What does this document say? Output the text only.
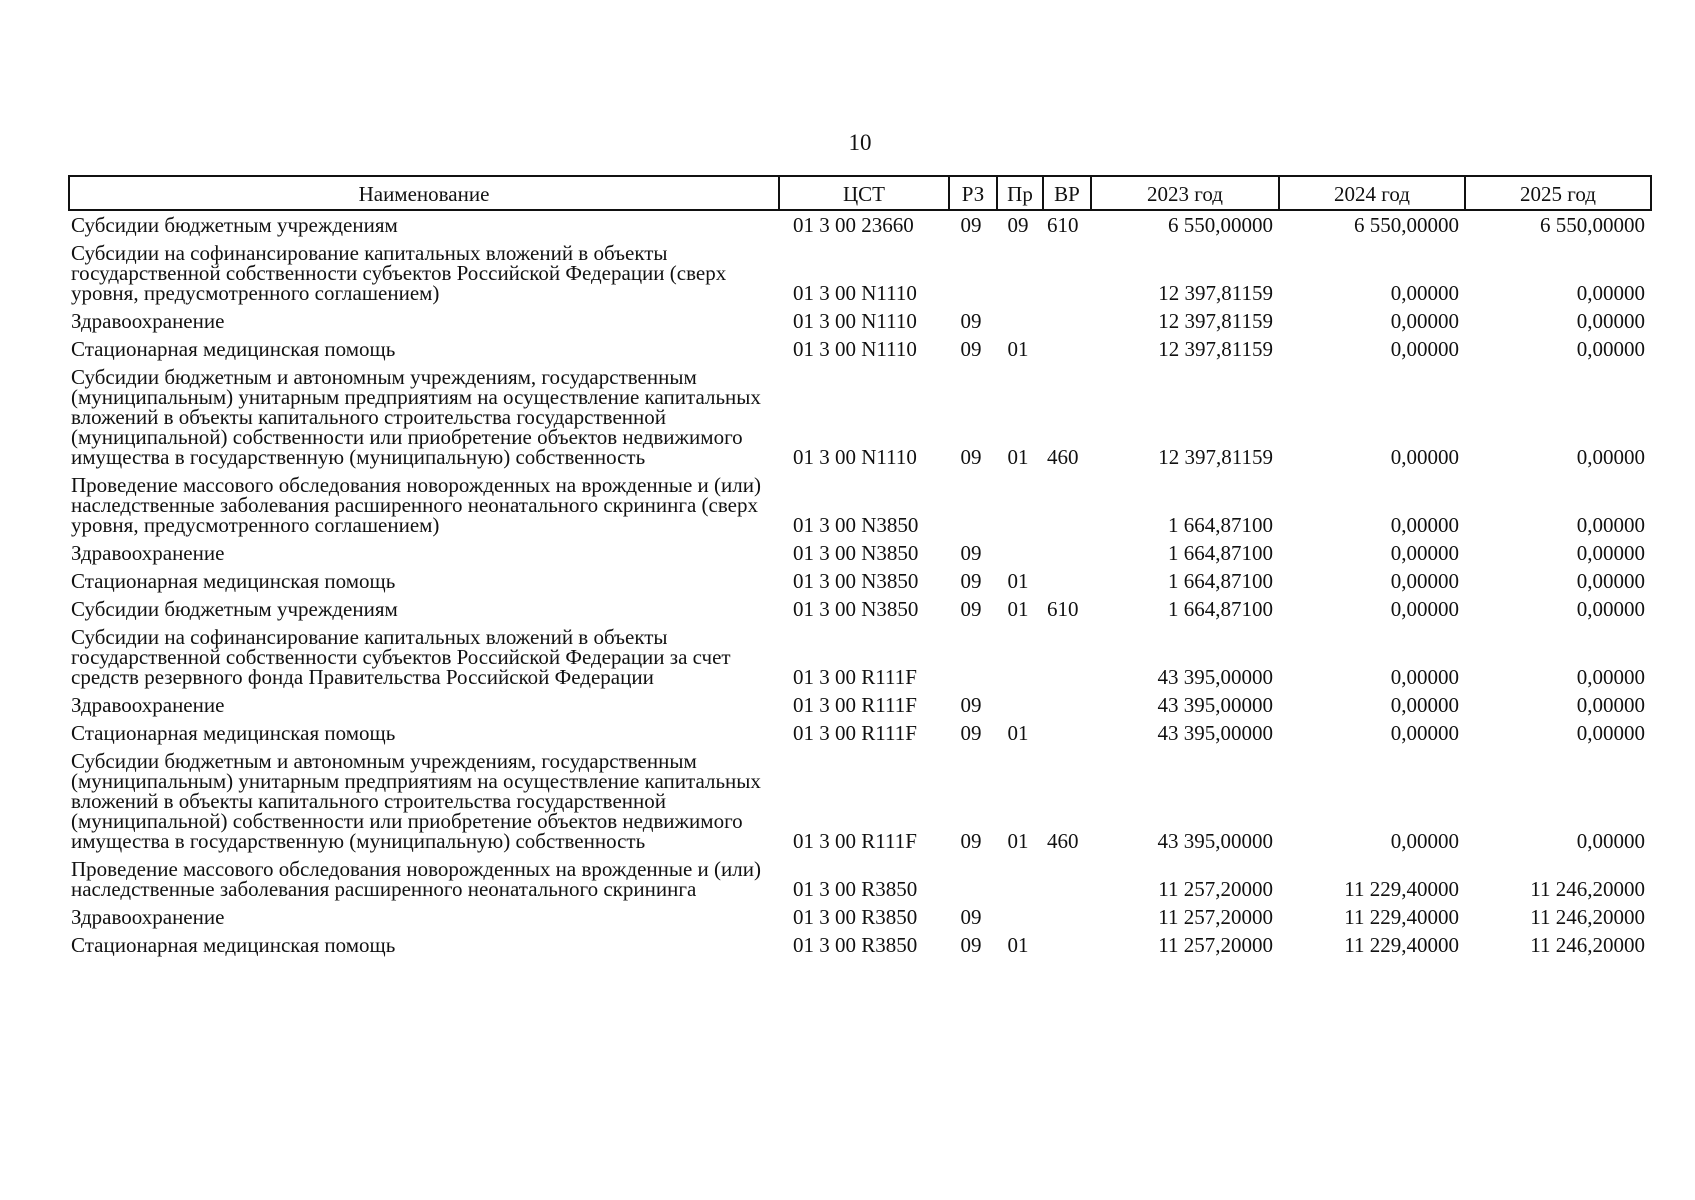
10
Наименование	ЦСТ	РЗ	Пр	ВР	2023 год	2024 год	2025 год
Субсидии бюджетным учреждениям	01 3 00 23660	09	09	610	6 550,00000	6 550,00000	6 550,00000
Субсидии на софинансирование капитальных вложений в объекты государственной собственности субъектов Российской Федерации (сверх уровня, предусмотренного соглашением)	01 3 00 N1110				12 397,81159	0,00000	0,00000
Здравоохранение	01 3 00 N1110	09			12 397,81159	0,00000	0,00000
Стационарная медицинская помощь	01 3 00 N1110	09	01		12 397,81159	0,00000	0,00000
Субсидии бюджетным и автономным учреждениям, государственным (муниципальным) унитарным предприятиям на осуществление капитальных вложений в объекты капитального строительства государственной (муниципальной) собственности или приобретение объектов недвижимого имущества в государственную (муниципальную) собственность	01 3 00 N1110	09	01	460	12 397,81159	0,00000	0,00000
Проведение массового обследования новорожденных на врожденные и (или) наследственные заболевания расширенного неонатального скрининга (сверх уровня, предусмотренного соглашением)	01 3 00 N3850				1 664,87100	0,00000	0,00000
Здравоохранение	01 3 00 N3850	09			1 664,87100	0,00000	0,00000
Стационарная медицинская помощь	01 3 00 N3850	09	01		1 664,87100	0,00000	0,00000
Субсидии бюджетным учреждениям	01 3 00 N3850	09	01	610	1 664,87100	0,00000	0,00000
Субсидии на софинансирование капитальных вложений в объекты государственной собственности субъектов Российской Федерации за счет средств резервного фонда Правительства Российской Федерации	01 3 00 R111F				43 395,00000	0,00000	0,00000
Здравоохранение	01 3 00 R111F	09			43 395,00000	0,00000	0,00000
Стационарная медицинская помощь	01 3 00 R111F	09	01		43 395,00000	0,00000	0,00000
Субсидии бюджетным и автономным учреждениям, государственным (муниципальным) унитарным предприятиям на осуществление капитальных вложений в объекты капитального строительства государственной (муниципальной) собственности или приобретение объектов недвижимого имущества в государственную (муниципальную) собственность	01 3 00 R111F	09	01	460	43 395,00000	0,00000	0,00000
Проведение массового обследования новорожденных на врожденные и (или) наследственные заболевания расширенного неонатального скрининга	01 3 00 R3850				11 257,20000	11 229,40000	11 246,20000
Здравоохранение	01 3 00 R3850	09			11 257,20000	11 229,40000	11 246,20000
Стационарная медицинская помощь	01 3 00 R3850	09	01		11 257,20000	11 229,40000	11 246,20000
